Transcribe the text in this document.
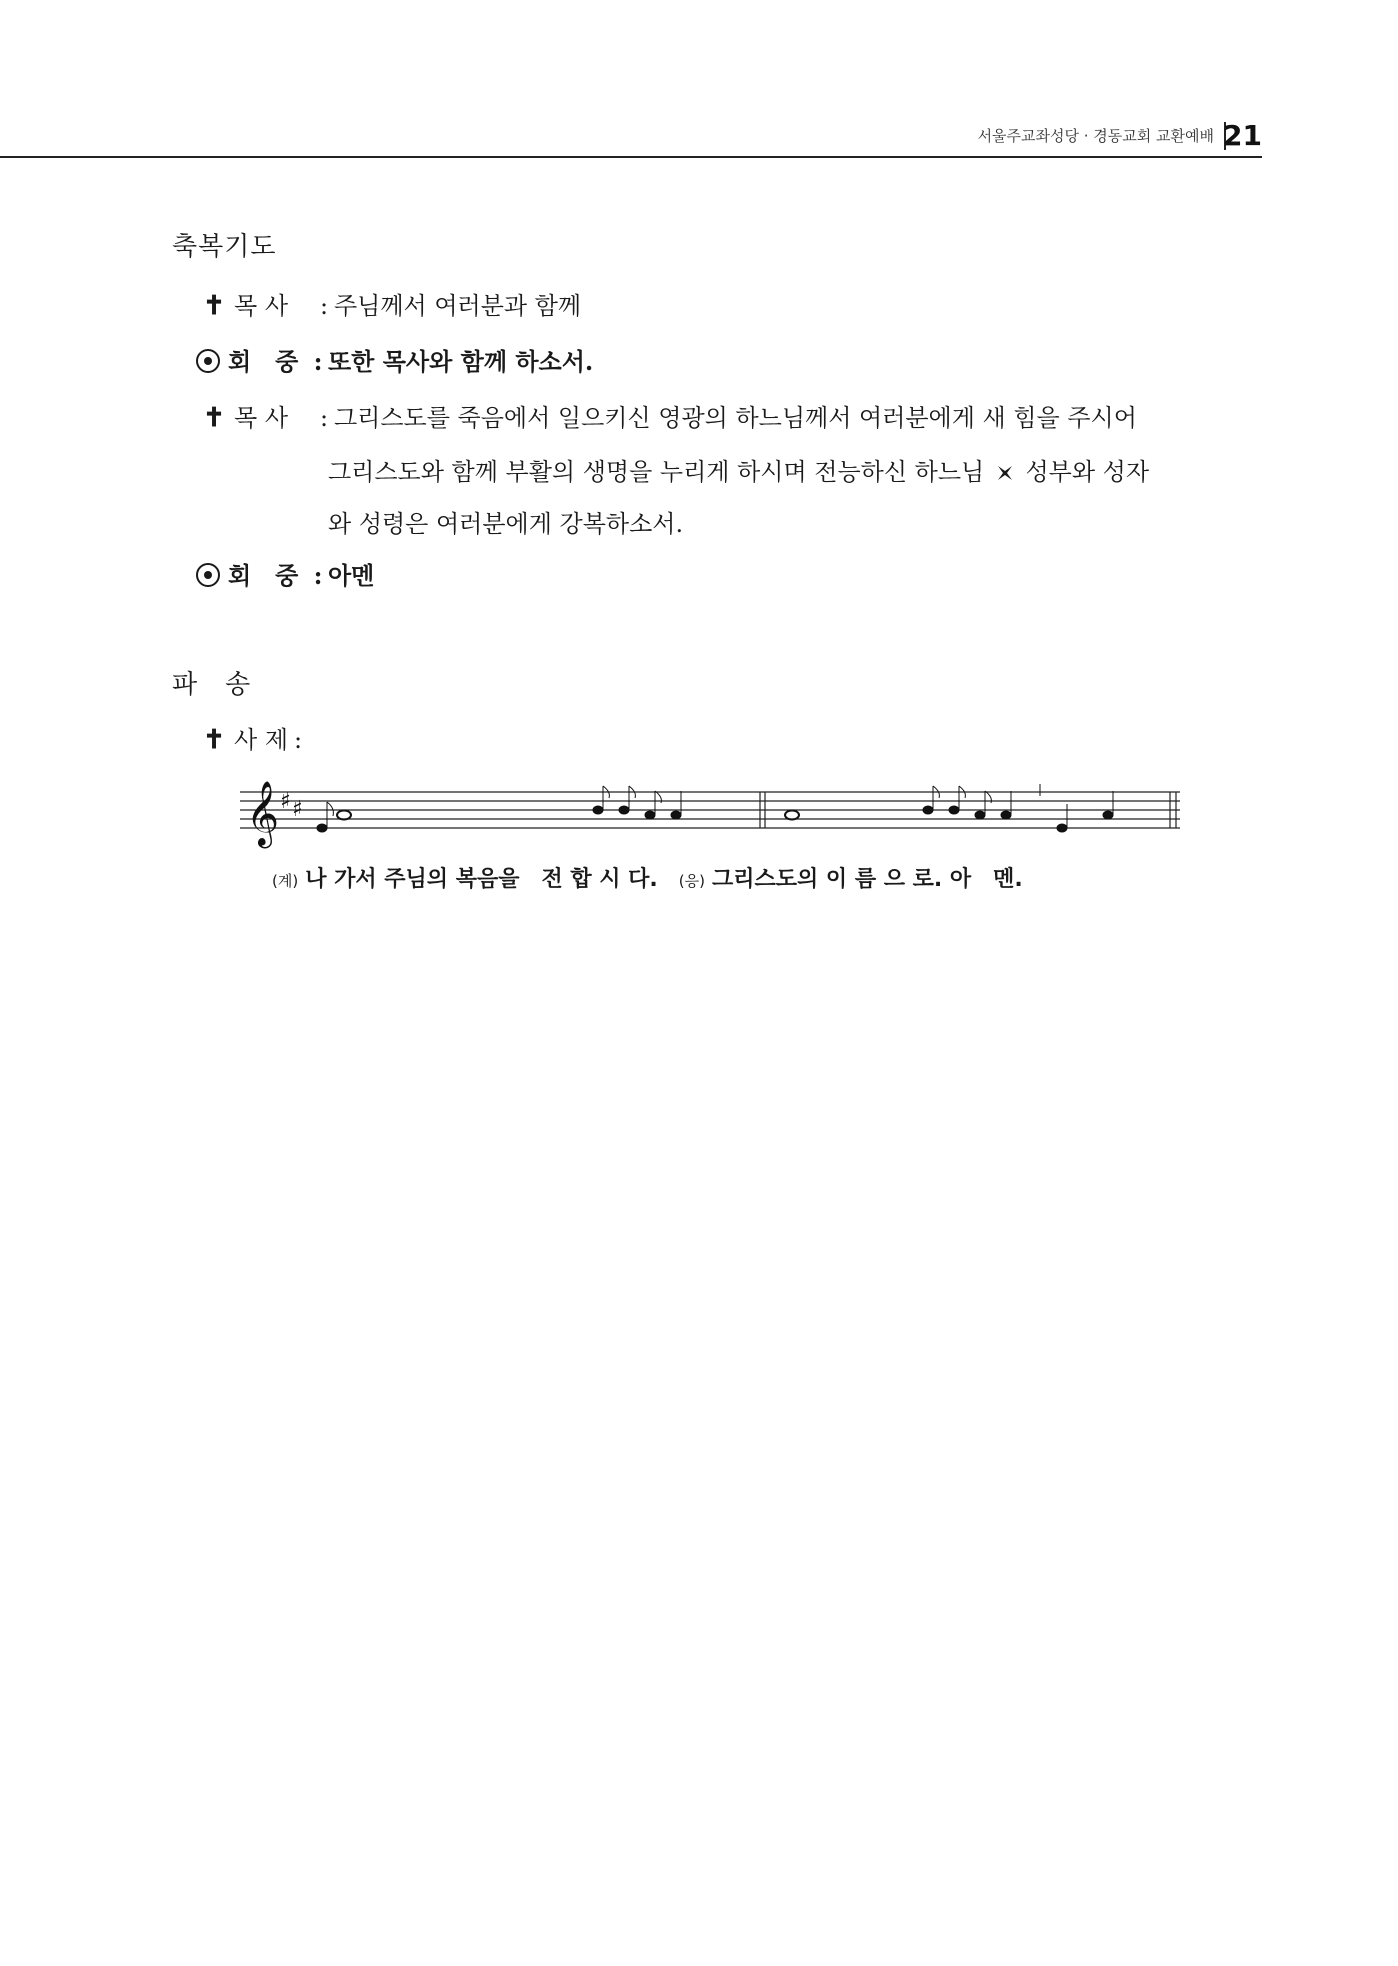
서울주교좌성당 · 경동교회 교환예배 21
축복기도
✝ 목 사	: 주님께서 여러분과 함께
회　중 : 또한 목사와 함께 하소서.
✝ 목 사	: 그리스도를 죽음에서 일으키신 영광의 하느님께서 여러분에게 새 힘을 주시어
그리스도와 함께 부활의 생명을 누리게 하시며 전능하신 하느님 성부와 성자
와 성령은 여러분에게 강복하소서.
회　중 : 아멘
파　송
✝ 사 제 :
𝄞 ♯ ♯
(계) 나 가서 주님의 복음을　전 합 시 다. (응) 그리스도의 이 름 으 로. 아　멘.
